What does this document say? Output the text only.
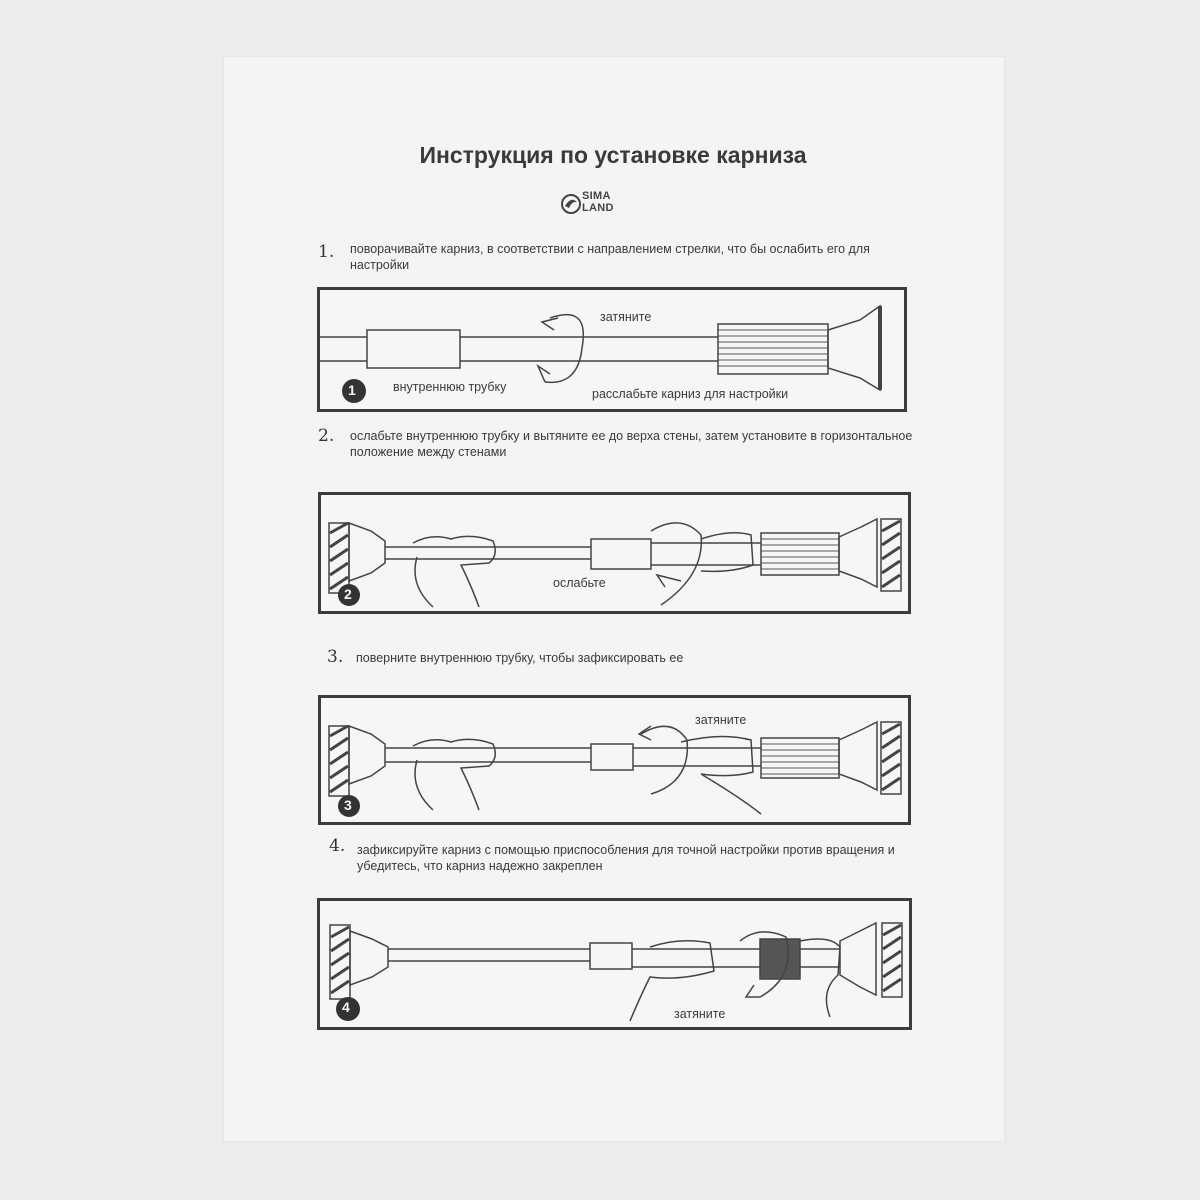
Инструкция по установке карниза
SIMA
LAND
1. поворачивайте карниз, в соответствии с направлением стрелки, что бы ослабить его для настройки
затяните
внутреннюю трубку	расслабьте карниз для настройки
1
2. ослабьте внутреннюю трубку и вытяните ее до верха стены, затем установите в горизонтальное положение между стенами
ослабьте
2
3. поверните внутреннюю трубку, чтобы зафиксировать ее
затяните
3
4. зафиксируйте карниз с помощью приспособления для точной настройки против вращения и убедитесь, что карниз надежно закреплен
затяните
4
